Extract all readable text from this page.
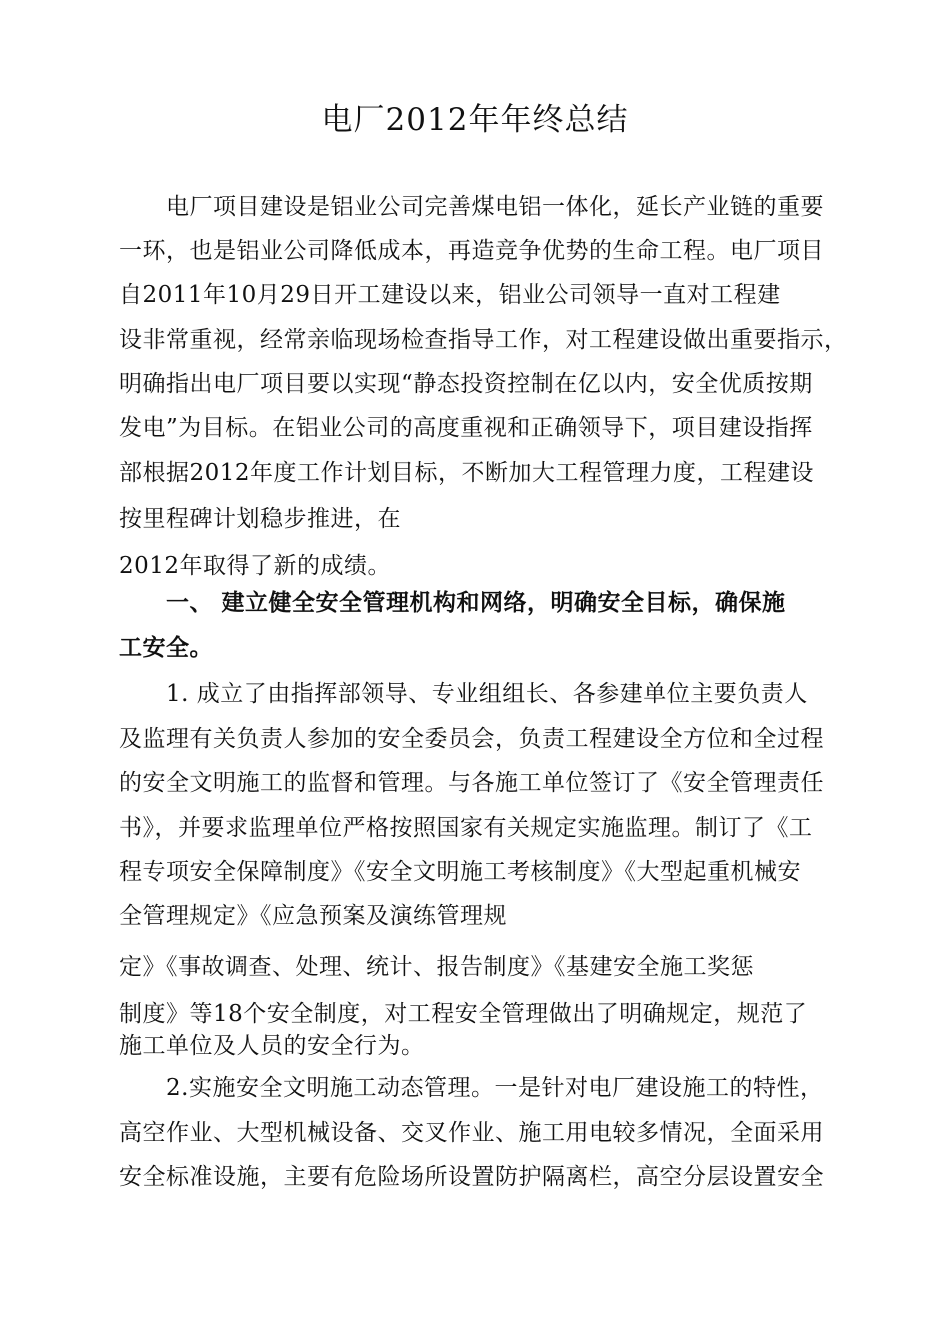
电厂2012年年终总结
电厂项目建设是铝业公司完善煤电铝一体化，延长产业链的重要
一环，也是铝业公司降低成本，再造竞争优势的生命工程。电厂项目
自2011年10月29日开工建设以来，铝业公司领导一直对工程建
设非常重视，经常亲临现场检查指导工作，对工程建设做出重要指示，
明确指出电厂项目要以实现“静态投资控制在亿以内，安全优质按期
发电”为目标。在铝业公司的高度重视和正确领导下，项目建设指挥
部根据2012年度工作计划目标，不断加大工程管理力度，工程建设
按里程碑计划稳步推进，在
2012年取得了新的成绩。
一、 建立健全安全管理机构和网络，明确安全目标，确保施
工安全。
1. 成立了由指挥部领导、专业组组长、各参建单位主要负责人
及监理有关负责人参加的安全委员会，负责工程建设全方位和全过程
的安全文明施工的监督和管理。与各施工单位签订了《安全管理责任
书》，并要求监理单位严格按照国家有关规定实施监理。制订了《工
程专项安全保障制度》《安全文明施工考核制度》《大型起重机械安
全管理规定》《应急预案及演练管理规
定》《事故调查、处理、统计、报告制度》《基建安全施工奖惩
制度》等18个安全制度，对工程安全管理做出了明确规定，规范了
施工单位及人员的安全行为。
2.实施安全文明施工动态管理。一是针对电厂建设施工的特性，
高空作业、大型机械设备、交叉作业、施工用电较多情况，全面采用
安全标准设施，主要有危险场所设置防护隔离栏，高空分层设置安全
